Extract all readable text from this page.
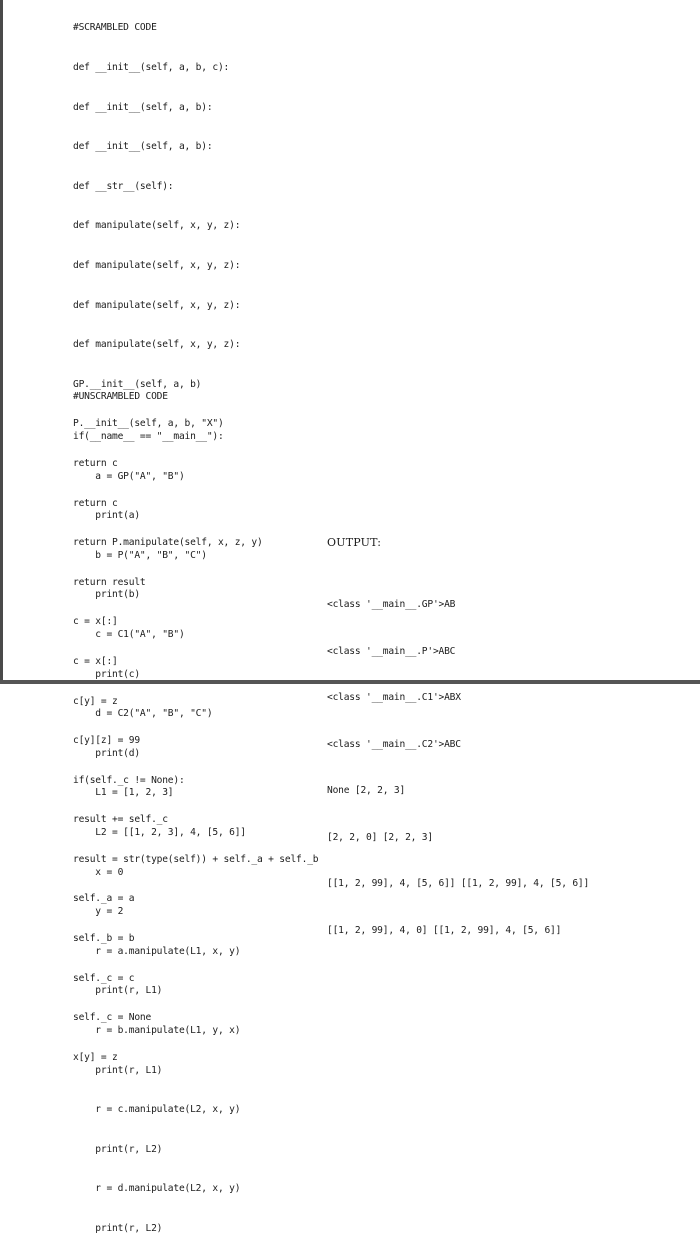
#SCRAMBLED CODE

def __init__(self, a, b, c):

def __init__(self, a, b):

def __init__(self, a, b):

def __str__(self):

def manipulate(self, x, y, z):

def manipulate(self, x, y, z):

def manipulate(self, x, y, z):

def manipulate(self, x, y, z):

GP.__init__(self, a, b)

P.__init__(self, a, b, "X")

return c

return c

return P.manipulate(self, x, z, y)

return result

c = x[:]

c = x[:]

c[y] = z

c[y][z] = 99

if(self._c != None):

result += self._c

result = str(type(self)) + self._a + self._b

self._a = a

self._b = b

self._c = c

self._c = None

x[y] = z

#UNSCRAMBLED CODE

if(__name__ == "__main__"):

a = GP("A", "B")

print(a)

b = P("A", "B", "C")

print(b)

c = C1("A", "B")

print(c)

d = C2("A", "B", "C")

print(d)

L1 = [1, 2, 3]

L2 = [[1, 2, 3], 4, [5, 6]]

x = 0

y = 2

r = a.manipulate(L1, x, y)

print(r, L1)

r = b.manipulate(L1, y, x)

print(r, L1)

r = c.manipulate(L2, x, y)

print(r, L2)

r = d.manipulate(L2, x, y)

print(r, L2)

OUTPUT:

<class '__main__.GP'>AB

<class '__main__.P'>ABC

<class '__main__.C1'>ABX

<class '__main__.C2'>ABC

None [2, 2, 3]

[2, 2, 0] [2, 2, 3]

[[1, 2, 99], 4, [5, 6]] [[1, 2, 99], 4, [5, 6]]

[[1, 2, 99], 4, 0] [[1, 2, 99], 4, [5, 6]]
